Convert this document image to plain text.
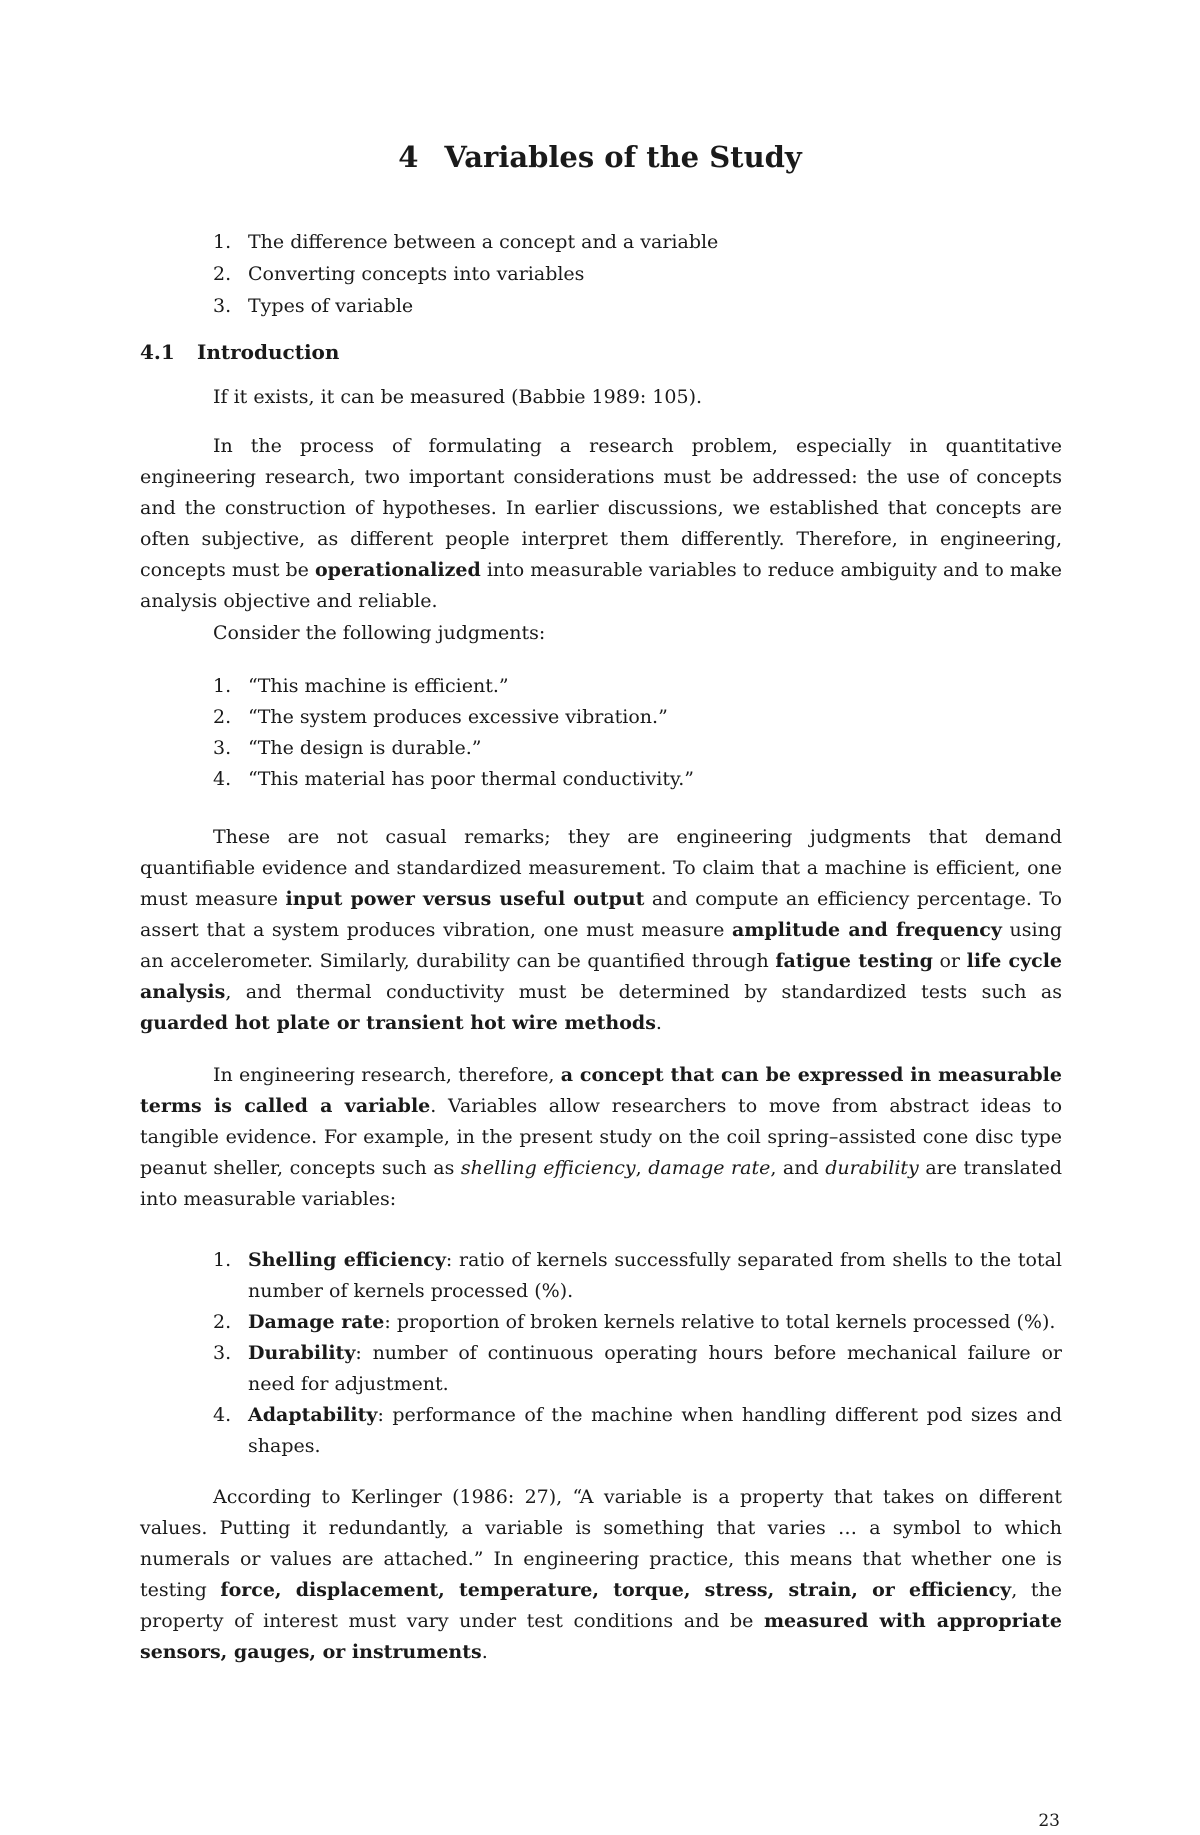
4 Variables of the Study
1. The difference between a concept and a variable
2. Converting concepts into variables
3. Types of variable
4.1 Introduction

If it exists, it can be measured (Babbie 1989: 105).

In the process of formulating a research problem, especially in quantitative engineering research, two important considerations must be addressed: the use of concepts and the construction of hypotheses. In earlier discussions, we established that concepts are often subjective, as different people interpret them differently. Therefore, in engineering, concepts must be operationalized into measurable variables to reduce ambiguity and to make analysis objective and reliable.

Consider the following judgments:

1. “This machine is efficient.”
2. “The system produces excessive vibration.”
3. “The design is durable.”
4. “This material has poor thermal conductivity.”

These are not casual remarks; they are engineering judgments that demand quantifiable evidence and standardized measurement. To claim that a machine is efficient, one must measure input power versus useful output and compute an efficiency percentage. To assert that a system produces vibration, one must measure amplitude and frequency using an accelerometer. Similarly, durability can be quantified through fatigue testing or life cycle analysis, and thermal conductivity must be determined by standardized tests such as guarded hot plate or transient hot wire methods.

In engineering research, therefore, a concept that can be expressed in measurable terms is called a variable. Variables allow researchers to move from abstract ideas to tangible evidence. For example, in the present study on the coil spring–assisted cone disc type peanut sheller, concepts such as shelling efficiency, damage rate, and durability are translated into measurable variables:

1. Shelling efficiency: ratio of kernels successfully separated from shells to the total number of kernels processed (%).
2. Damage rate: proportion of broken kernels relative to total kernels processed (%).
3. Durability: number of continuous operating hours before mechanical failure or need for adjustment.
4. Adaptability: performance of the machine when handling different pod sizes and shapes.

According to Kerlinger (1986: 27), “A variable is a property that takes on different values. Putting it redundantly, a variable is something that varies … a symbol to which numerals or values are attached.” In engineering practice, this means that whether one is testing force, displacement, temperature, torque, stress, strain, or efficiency, the property of interest must vary under test conditions and be measured with appropriate sensors, gauges, or instruments.

23
